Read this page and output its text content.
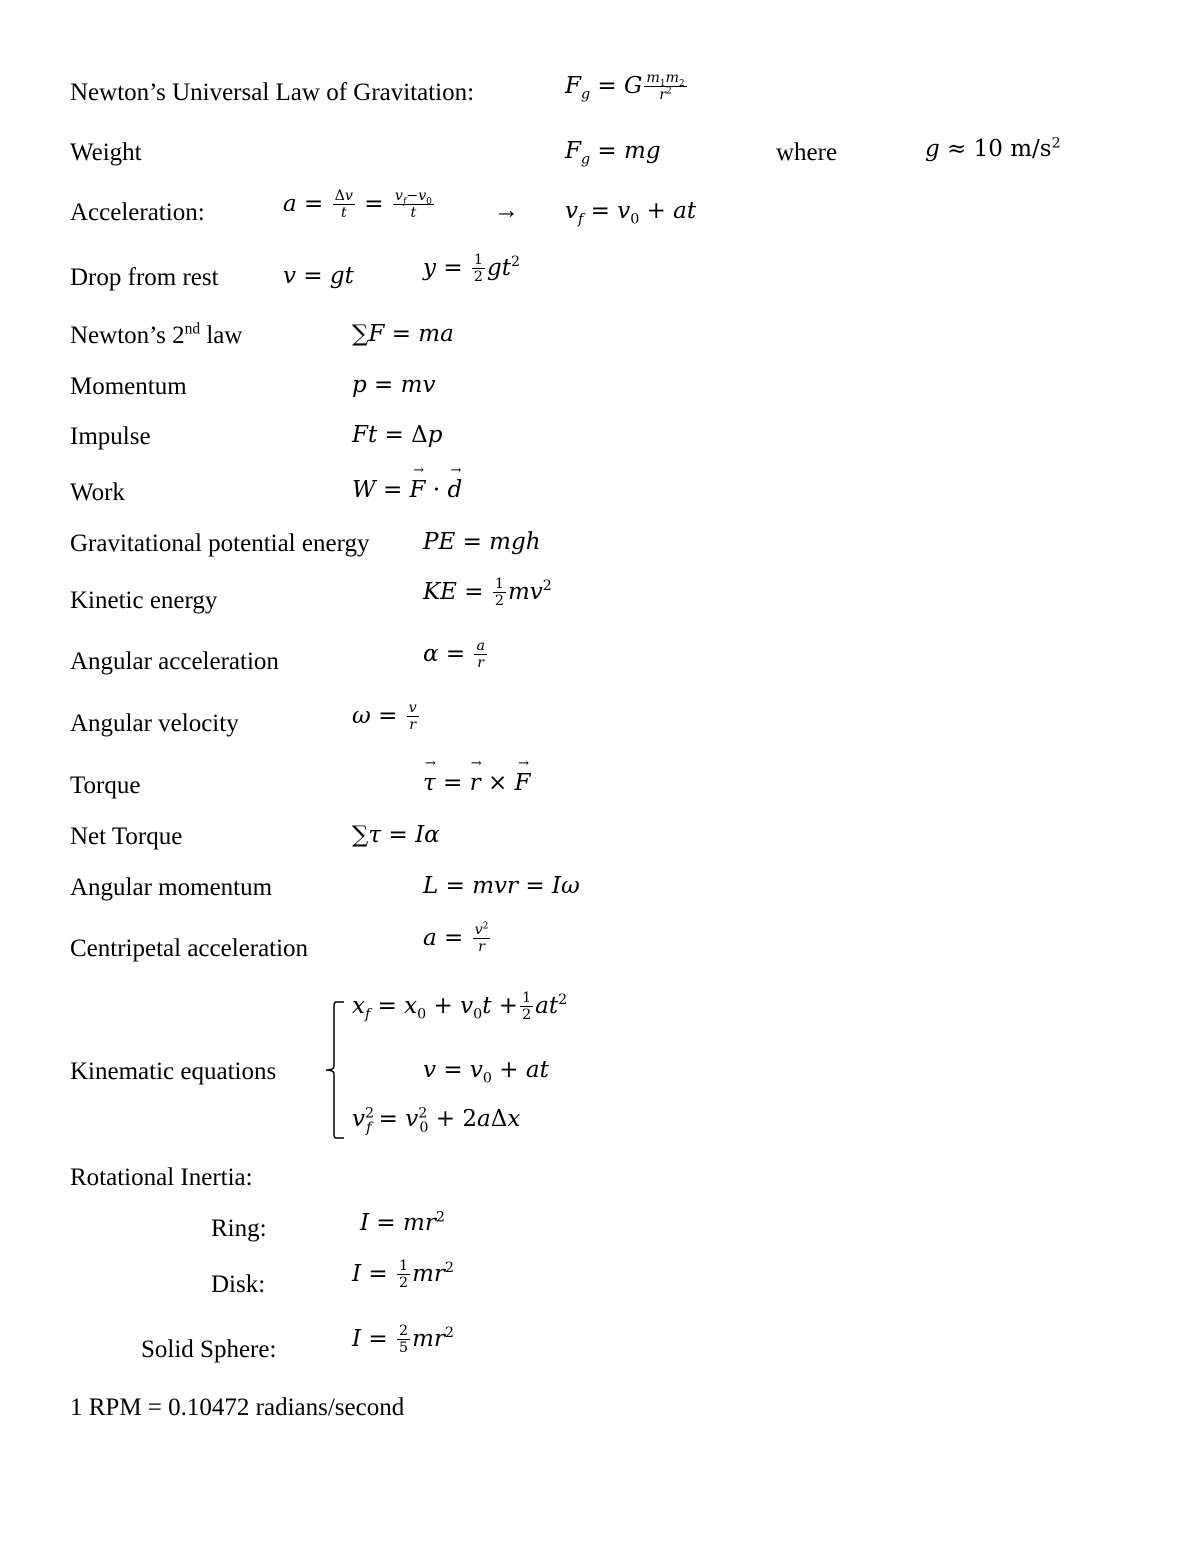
Newton’s Universal Law of Gravitation:	$F_g = G \frac{m_1m_2}{r^2}$
Weight	$F_g$ = mg	where	g ≈ 10 $m/s^2$
Acceleration:	$a = \frac{\Delta v}{t} = \frac{v_f-v_0}{t} \to v_f = v_0$ + at
Drop from rest	v = gt	$y = \frac{1}{2} gt^2$
Newton’s 2nd law	∑F = ma
Momentum	p = mv
Impulse	Ft = Δp
Work	W = F → · d →
Gravitational potential energy PE = mgh
Kinetic energy	KE = $\frac{1}{2} mv^2$
Angular acceleration	$\alpha = \frac{a}{r}$
Angular velocity	$\omega = \frac{v}{r}$
Torque	τ → = r → × F →
Net Torque	∑τ = Iα
Angular momentum	L = mvr = Iω
Centripetal acceleration	$a = \frac{v^2}{r}$
Kinematic equations
$x_f = x_0 + v_0t + \frac{1}{2} at^2$
$v = v_0$ + at
$v^2_f = v^2_0 + 2a\Delta x$
Rotational Inertia:
Ring:	$I = mr^2$
Disk:	$I = \frac{1}{2} mr^2$
Solid Sphere:	$I = \frac{2}{5} mr^2$
1 RPM = 0.10472 radians/second
